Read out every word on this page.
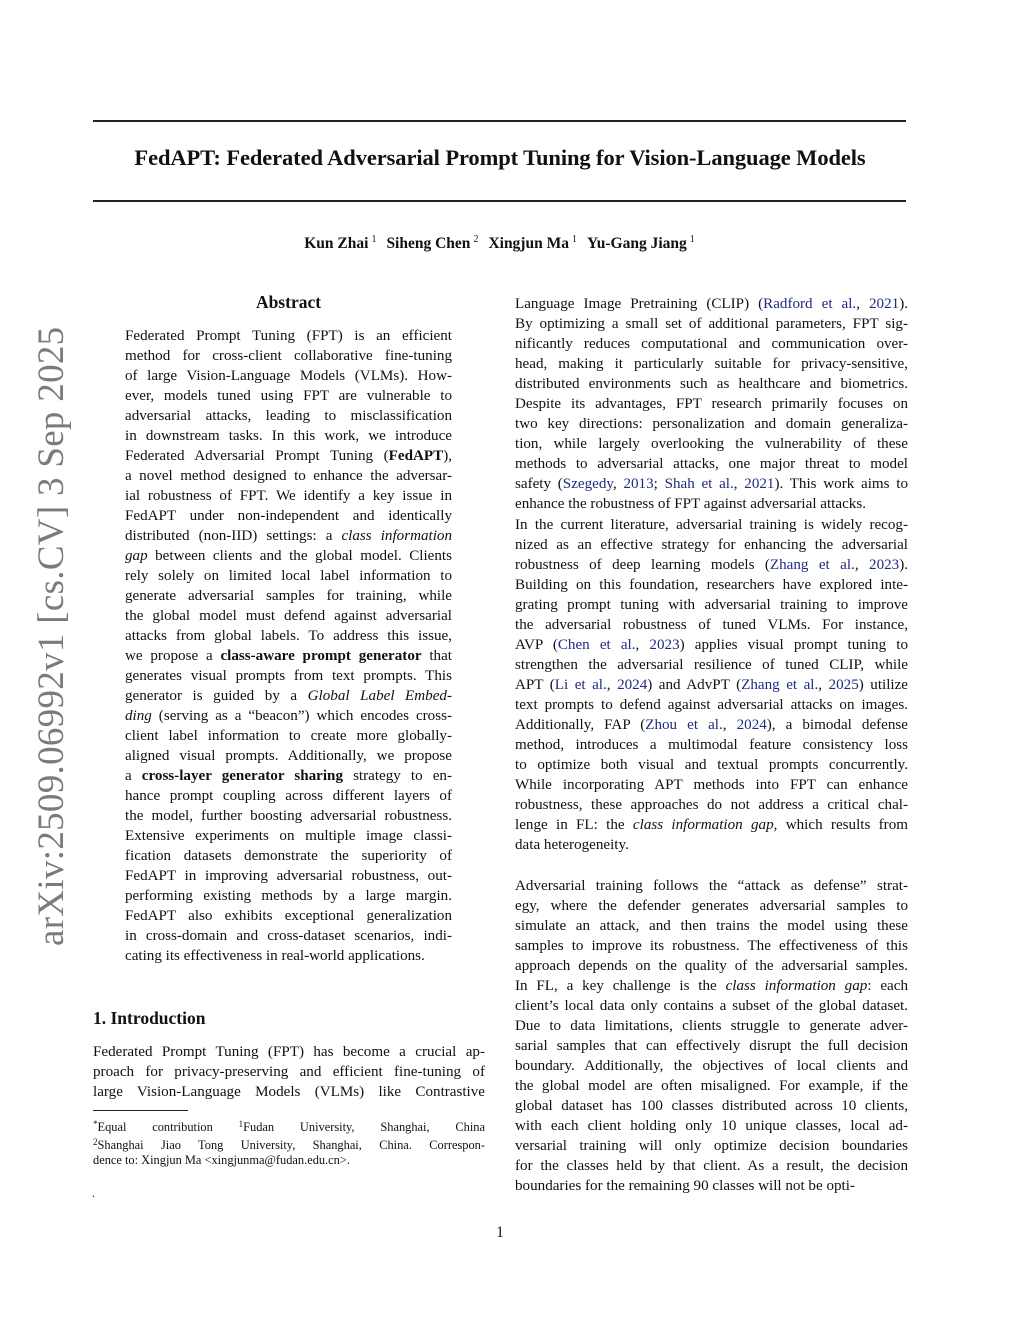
FedAPT: Federated Adversarial Prompt Tuning for Vision-Language Models
Kun Zhai $^1$ Siheng Chen $^2$ Xingjun Ma $^1$ Yu-Gang Jiang $^1$
arXiv:2509.06992v1 [cs.CV] 3 Sep 2025
Abstract
Federated Prompt Tuning (FPT) is an efficient
method for cross-client collaborative fine-tuning
of large Vision-Language Models (VLMs). How-
ever, models tuned using FPT are vulnerable to
adversarial attacks, leading to misclassification
in downstream tasks. In this work, we introduce
Federated Adversarial Prompt Tuning (FedAPT),
a novel method designed to enhance the adversar-
ial robustness of FPT. We identify a key issue in
FedAPT under non-independent and identically
distributed (non-IID) settings: a class information
gap between clients and the global model. Clients
rely solely on limited local label information to
generate adversarial samples for training, while
the global model must defend against adversarial
attacks from global labels. To address this issue,
we propose a class-aware prompt generator that
generates visual prompts from text prompts. This
generator is guided by a Global Label Embed-
ding (serving as a “beacon”) which encodes cross-
client label information to create more globally-
aligned visual prompts. Additionally, we propose
a cross-layer generator sharing strategy to en-
hance prompt coupling across different layers of
the model, further boosting adversarial robustness.
Extensive experiments on multiple image classi-
fication datasets demonstrate the superiority of
FedAPT in improving adversarial robustness, out-
performing existing methods by a large margin.
FedAPT also exhibits exceptional generalization
in cross-domain and cross-dataset scenarios, indi-
cating its effectiveness in real-world applications.
1. Introduction
Federated Prompt Tuning (FPT) has become a crucial ap-
proach for privacy-preserving and efficient fine-tuning of
large Vision-Language Models (VLMs) like Contrastive
*Equal contribution $^1$Fudan University, Shanghai, China
$^2$Shanghai Jiao Tong University, Shanghai, China. Correspon-
dence to: Xingjun Ma <xingjunma@fudan.edu.cn>.
.
Language Image Pretraining (CLIP) (Radford et al., 2021).
By optimizing a small set of additional parameters, FPT sig-
nificantly reduces computational and communication over-
head, making it particularly suitable for privacy-sensitive,
distributed environments such as healthcare and biometrics.
Despite its advantages, FPT research primarily focuses on
two key directions: personalization and domain generaliza-
tion, while largely overlooking the vulnerability of these
methods to adversarial attacks, one major threat to model
safety (Szegedy, 2013; Shah et al., 2021). This work aims to
enhance the robustness of FPT against adversarial attacks.
In the current literature, adversarial training is widely recog-
nized as an effective strategy for enhancing the adversarial
robustness of deep learning models (Zhang et al., 2023).
Building on this foundation, researchers have explored inte-
grating prompt tuning with adversarial training to improve
the adversarial robustness of tuned VLMs. For instance,
AVP (Chen et al., 2023) applies visual prompt tuning to
strengthen the adversarial resilience of tuned CLIP, while
APT (Li et al., 2024) and AdvPT (Zhang et al., 2025) utilize
text prompts to defend against adversarial attacks on images.
Additionally, FAP (Zhou et al., 2024), a bimodal defense
method, introduces a multimodal feature consistency loss
to optimize both visual and textual prompts concurrently.
While incorporating APT methods into FPT can enhance
robustness, these approaches do not address a critical chal-
lenge in FL: the class information gap, which results from
data heterogeneity.
Adversarial training follows the “attack as defense” strat-
egy, where the defender generates adversarial samples to
simulate an attack, and then trains the model using these
samples to improve its robustness. The effectiveness of this
approach depends on the quality of the adversarial samples.
In FL, a key challenge is the class information gap: each
client’s local data only contains a subset of the global dataset.
Due to data limitations, clients struggle to generate adver-
sarial samples that can effectively disrupt the full decision
boundary. Additionally, the objectives of local clients and
the global model are often misaligned. For example, if the
global dataset has 100 classes distributed across 10 clients,
with each client holding only 10 unique classes, local ad-
versarial training will only optimize decision boundaries
for the classes held by that client. As a result, the decision
boundaries for the remaining 90 classes will not be opti-
1
